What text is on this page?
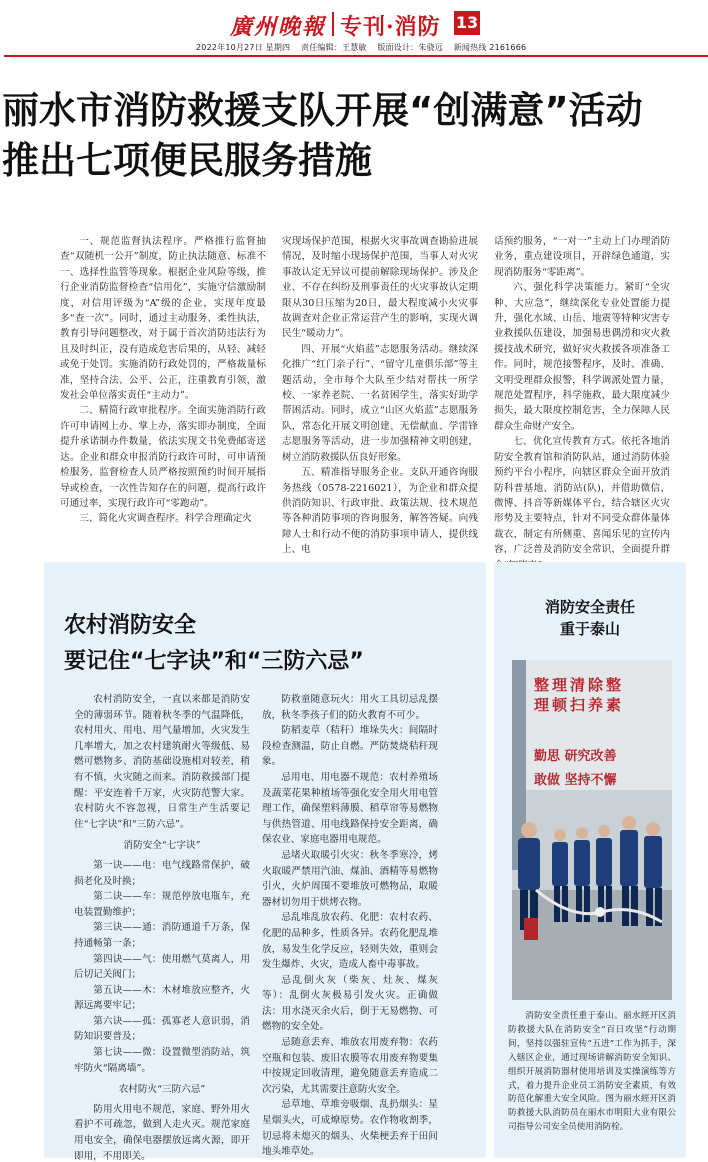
廣州晚報 专刊·消防 13
2022年10月27日 星期四 责任编辑：王慧敏 版面设计：朱骁远 新闻热线 2161666
丽水市消防救援支队开展“创满意”活动
推出七项便民服务措施

一、规范监督执法程序。严格推行监督抽查“双随机一公开”制度，防止执法随意、标准不一、选择性监管等现象。根据企业风险等级，推行企业消防监督检查“信用化”，实施守信激励制度，对信用评级为“A”级的企业，实现年度最多“查一次”。同时，通过主动服务、柔性执法，教育引导问题整改，对于属于首次消防违法行为且及时纠正，没有造成危害后果的，从轻、减轻或免于处罚。实施消防行政处罚的，严格裁量标准，坚持合法、公平、公正，注重教育引领，激发社会单位落实责任“主动力”。

二、精简行政审批程序。全面实施消防行政许可申请网上办、掌上办，落实即办制度，全面提升承诺制办件数量，依法实现文书免费邮寄送达。企业和群众申报消防行政许可时，可申请预检服务，监督检查人员严格按照预约时间开展指导或检查，一次性告知存在的问题，提高行政许可通过率，实现行政许可“零跑动”。

三、简化火灾调查程序。科学合理确定火

灾现场保护范围，根据火灾事故调查勘验进展情况，及时缩小现场保护范围，当事人对火灾事故认定无异议可提前解除现场保护。涉及企业、不存在纠纷及刑事责任的火灾事故认定期限从30日压缩为20日，最大程度减小火灾事故调查对企业正常运营产生的影响，实现火调民生“暖动力”。

四、开展“火焰蓝”志愿服务活动。继续深化推广“红门亲子行”、“留守儿童俱乐部”等主题活动，全市每个大队至少结对帮扶一所学校、一家养老院、一名贫困学生，落实好助学帮困活动。同时，成立“山区火焰蓝”志愿服务队，常态化开展文明创建、无偿献血、学雷锋志愿服务等活动，进一步加强精神文明创建，树立消防救援队伍良好形象。

五、精准指导服务企业。支队开通咨询服务热线（0578-2216021），为企业和群众提供消防知识、行政审批、政策法规、技术规范等各种消防事项的咨询服务，解答答疑。向残障人士和行动不便的消防事项申请人，提供线上、电

话预约服务，“一对一”主动上门办理消防业务，重点建设项目，开辟绿色通道，实现消防服务“零距离”。

六、强化科学决策能力。紧盯“全灾种、大应急”，继续深化专业处置能力提升，强化水域、山岳、地震等特种灾害专业救援队伍建设，加强易患偶涝和灾火救援技战术研究，做好灾火救援各项准备工作。同时，规范接警程序，及时、准确、文明受理群众报警，科学调派处置力量，规范处置程序，科学施救，最大限度减少损失，最大限度控制危害，全力保障人民群众生命财产安全。

七、优化宣传教育方式。依托各地消防安全教育馆和消防队站，通过消防体验预约平台小程序，向辖区群众全面开放消防科普基地、消防站(队)，并借助微信、微博、抖音等新媒体平台，结合辖区火灾形势及主要特点，针对不同受众群体量体裁衣，制定有所侧重、喜闻乐见的宣传内容，广泛普及消防安全常识，全面提升群

农村消防安全
要记住“七字诀”和“三防六忌”

农村消防安全，一直以来都是消防安全的薄弱环节。随着秋冬季的气温降低，农村用火、用电、用气量增加，火灾发生几率增大，加之农村建筑耐火等级低、易燃可燃物多、消防基础设施相对较差，稍有不慎，火灾随之而来。消防救援部门提醒：平安连着千万家，火灾防范警大家。农村防火不容忽视，日常生产生活要记住“七字诀”和“三防六忌”。

消防安全“七字诀”

第一诀——电：电气线路常保护，破损老化及时换；

第二诀——车：规范停放电瓶车，充电装置勤维护；

第三诀——通：消防通道千万条，保持通畅第一条；

第四诀——气：使用燃气莫离人，用后切记关阀门；

第五诀——木：木材堆放应整齐，火源远离要牢记；

第六诀——孤：孤寡老人意识弱，消防知识要普及；

第七诀——微：设置微型消防站，筑牢防火“隔离墙”。

农村防火“三防六忌”

防用火用电不规范，家庭、野外用火看护不可疏忽，做到人走火灭。规范家庭用电安全，确保电器摆放远离火源，即开即用，不用即关。

防救童随意玩火：用火工具切忌乱摆放，秋冬季孩子们的防火教育不可少。

防稻麦草（秸秆）堆垛失火：间隔时段检查测温，防止自燃。严防焚烧秸秆现象。

忌用电、用电器不规范：农村养殖场及蔬菜花果种植场等强化安全用火用电管理工作，确保塑料薄膜、稻草帘等易燃物与供热管道、用电线路保持安全距离，确保农业、家庭电器用电规范。

忌堵火取暖引火灾：秋冬季寒冷，烤火取暖严禁用汽油、煤油、酒精等易燃物引火，火炉周围不要堆放可燃物品，取暖器材切勿用于烘烤衣物。

忌乱堆乱放农药、化肥：农村农药、化肥的品种多，性质各异。农药化肥乱堆放，易发生化学反应，轻则失效，重则会发生爆炸、火灾，造成人畜中毒事故。

忌乱倒火灰（柴灰、灶灰、煤灰等）：乱倒火灰极易引发火灾。正确做法：用水浇灭余火后，倒于无易燃物、可燃物的安全处。

忌随意丢弃、堆放农用废弃物：农药空瓶和包装、废旧农膜等农用废弃物要集中按规定回收清理，避免随意丢弃造成二次污染，尤其需要注意防火安全。

忌草地、草堆旁吸烟、乱扔烟头：星星烟头火，可成燎原势。农作物收割季，切忌将未熄灭的烟头、火柴梗丢弃于田间地头堆草处。

消防安全责任
重于泰山
整理清除整
理顿扫养素
勤思 研究改善
敢做 坚持不懈
消防安全责任重于泰山。丽水經开区消防救援大队在消防安全“百日攻坚”行动期间，坚持以强驻宣传“五进”工作为抓手，深入辖区企业，通过现场讲解消防安全知识、组织开展消防器材使用培训及实操演练等方式，着力提升企业员工消防安全素质，有效防范化解重大安全风险。图为丽水經开区消防救援大队消防员在丽水市明阳大业有限公司指导公司安全员使用消防栓。
